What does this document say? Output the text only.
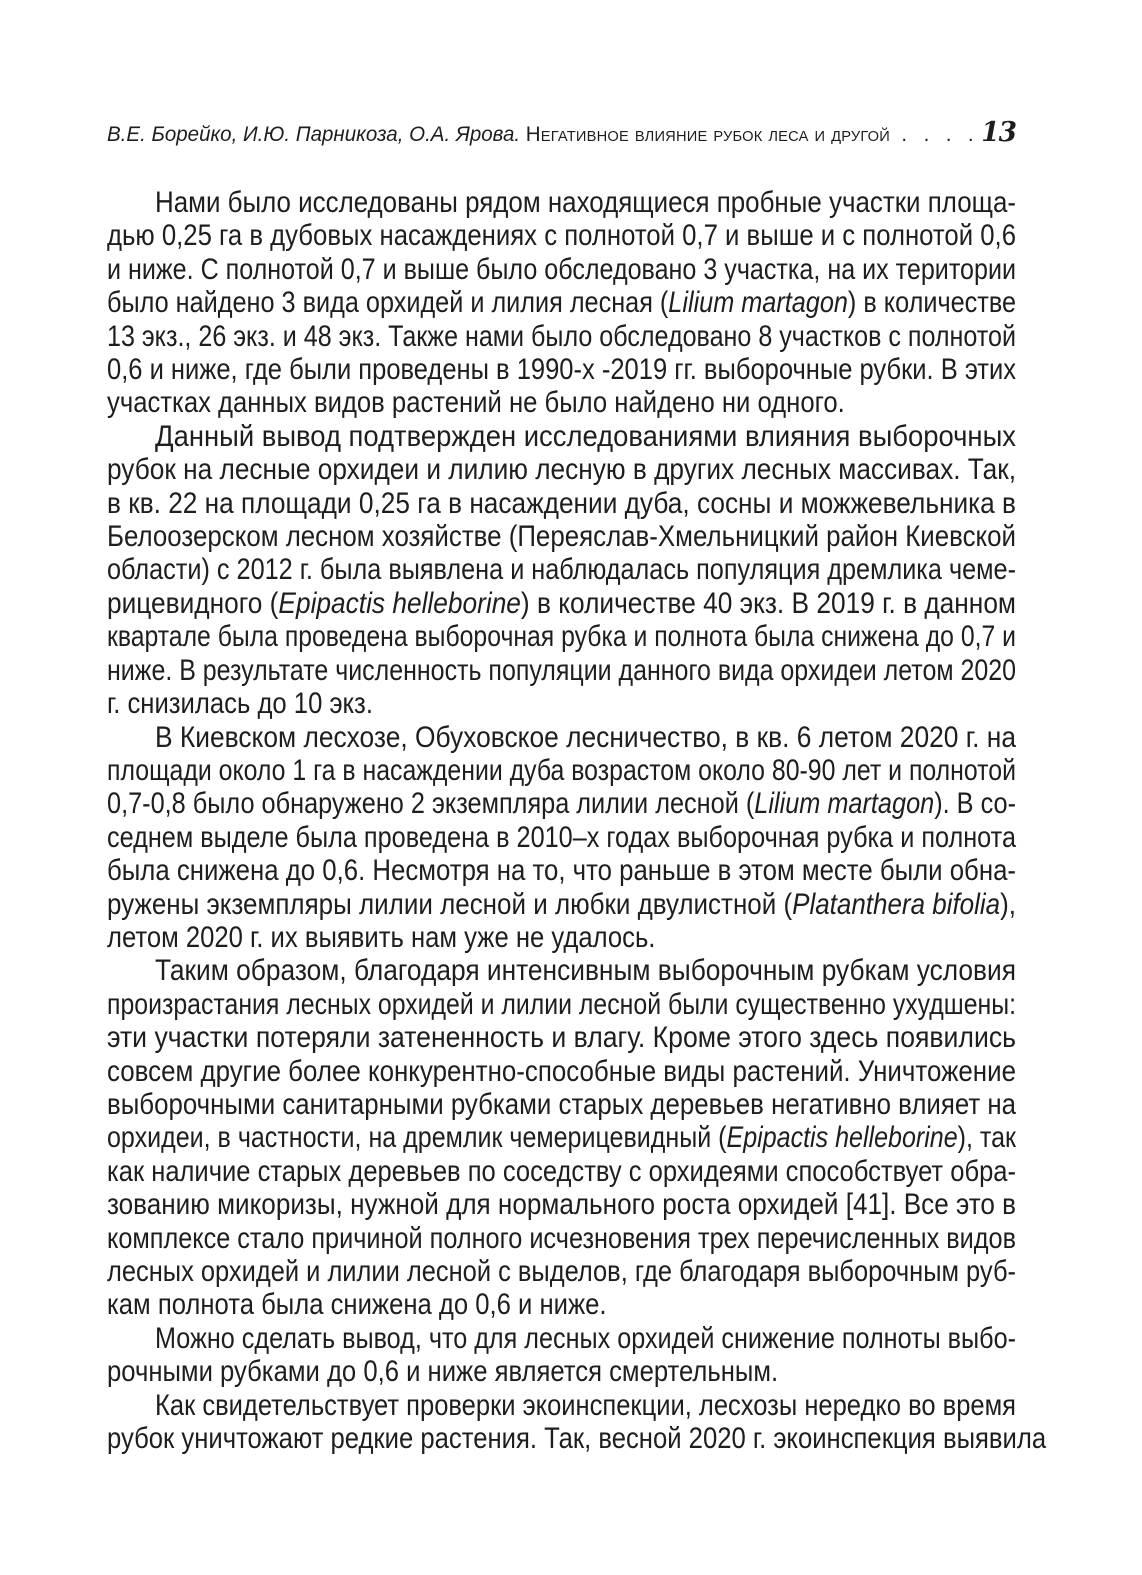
В.Е. Борейко, И.Ю. Парникоза, О.А. Ярова. Негативное влияние рубок леса и другой . . . . 13
Нами было исследованы рядом находящиеся пробные участки площа-
дью 0,25 га в дубовых насаждениях с полнотой 0,7 и выше и с полнотой 0,6
и ниже. С полнотой 0,7 и выше было обследовано 3 участка, на их територии
было найдено 3 вида орхидей и лилия лесная (Lilium martagon) в количестве
13 экз., 26 экз. и 48 экз. Также нами было обследовано 8 участков с полнотой
0,6 и ниже, где были проведены в 1990-х -2019 гг. выборочные рубки. В этих
участках данных видов растений не было найдено ни одного.
Данный вывод подтвержден исследованиями влияния выборочных
рубок на лесные орхидеи и лилию лесную в других лесных массивах. Так,
в кв. 22 на площади 0,25 га в насаждении дуба, сосны и можжевельника в
Белоозерском лесном хозяйстве (Переяслав-Хмельницкий район Киевской
области) с 2012 г. была выявлена и наблюдалась популяция дремлика чеме-
рицевидного (Epipactis helleborine) в количестве 40 экз. В 2019 г. в данном
квартале была проведена выборочная рубка и полнота была снижена до 0,7 и
ниже. В результате численность популяции данного вида орхидеи летом 2020
г. снизилась до 10 экз.
В Киевском лесхозе, Обуховское лесничество, в кв. 6 летом 2020 г. на
площади около 1 га в насаждении дуба возрастом около 80-90 лет и полнотой
0,7-0,8 было обнаружено 2 экземпляра лилии лесной (Lilium martagon). В со-
седнем выделе была проведена в 2010–х годах выборочная рубка и полнота
была снижена до 0,6. Несмотря на то, что раньше в этом месте были обна-
ружены экземпляры лилии лесной и любки двулистной (Platanthera bifolia),
летом 2020 г. их выявить нам уже не удалось.
Таким образом, благодаря интенсивным выборочным рубкам условия
произрастания лесных орхидей и лилии лесной были существенно ухудшены:
эти участки потеряли затененность и влагу. Кроме этого здесь появились
совсем другие более конкурентно-способные виды растений. Уничтожение
выборочными санитарными рубками старых деревьев негативно влияет на
орхидеи, в частности, на дремлик чемерицевидный (Epipactis helleborine), так
как наличие старых деревьев по соседству с орхидеями способствует обра-
зованию микоризы, нужной для нормального роста орхидей [41]. Все это в
комплексе стало причиной полного исчезновения трех перечисленных видов
лесных орхидей и лилии лесной с выделов, где благодаря выборочным руб-
кам полнота была снижена до 0,6 и ниже.
Можно сделать вывод, что для лесных орхидей снижение полноты выбо-
рочными рубками до 0,6 и ниже является смертельным.
Как свидетельствует проверки экоинспекции, лесхозы нередко во время
рубок уничтожают редкие растения. Так, весной 2020 г. экоинспекция выявила
